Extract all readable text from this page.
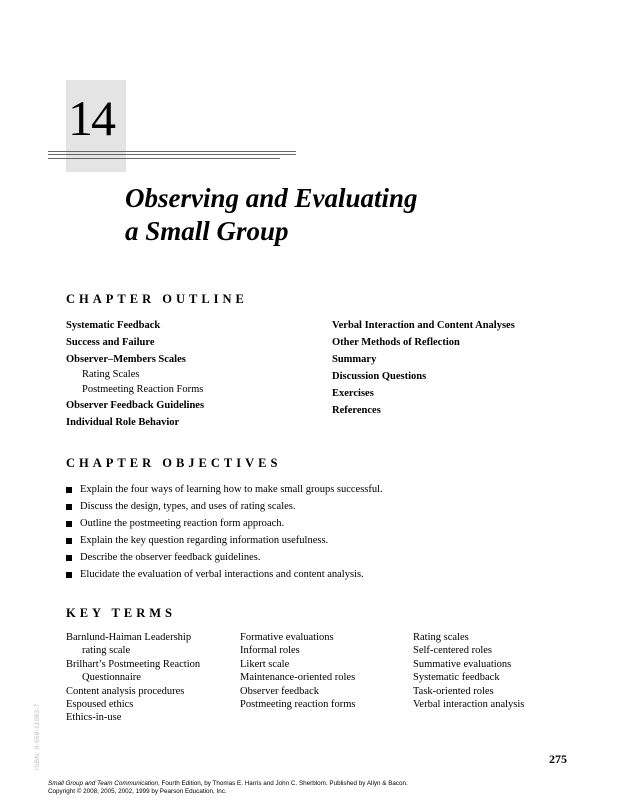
14
Observing and Evaluating
a Small Group
CHAPTER OUTLINE
Systematic Feedback
Success and Failure
Observer–Members Scales
Rating Scales
Postmeeting Reaction Forms
Observer Feedback Guidelines
Individual Role Behavior
Verbal Interaction and Content Analyses
Other Methods of Reflection
Summary
Discussion Questions
Exercises
References
CHAPTER OBJECTIVES
Explain the four ways of learning how to make small groups successful.
Discuss the design, types, and uses of rating scales.
Outline the postmeeting reaction form approach.
Explain the key question regarding information usefulness.
Describe the observer feedback guidelines.
Elucidate the evaluation of verbal interactions and content analysis.
KEY TERMS
Barnlund-Haiman Leadership
rating scale
Brilhart’s Postmeeting Reaction
Questionnaire
Content analysis procedures
Espoused ethics
Ethics-in-use
Formative evaluations
Informal roles
Likert scale
Maintenance-oriented roles
Observer feedback
Postmeeting reaction forms
Rating scales
Self-centered roles
Summative evaluations
Systematic feedback
Task-oriented roles
Verbal interaction analysis
ISBN: 0-558-11083-7	275
Small Group and Team Communication, Fourth Edition, by Thomas E. Harris and John C. Sherblom. Published by Allyn & Bacon.
Copyright © 2008, 2005, 2002, 1999 by Pearson Education, Inc.
